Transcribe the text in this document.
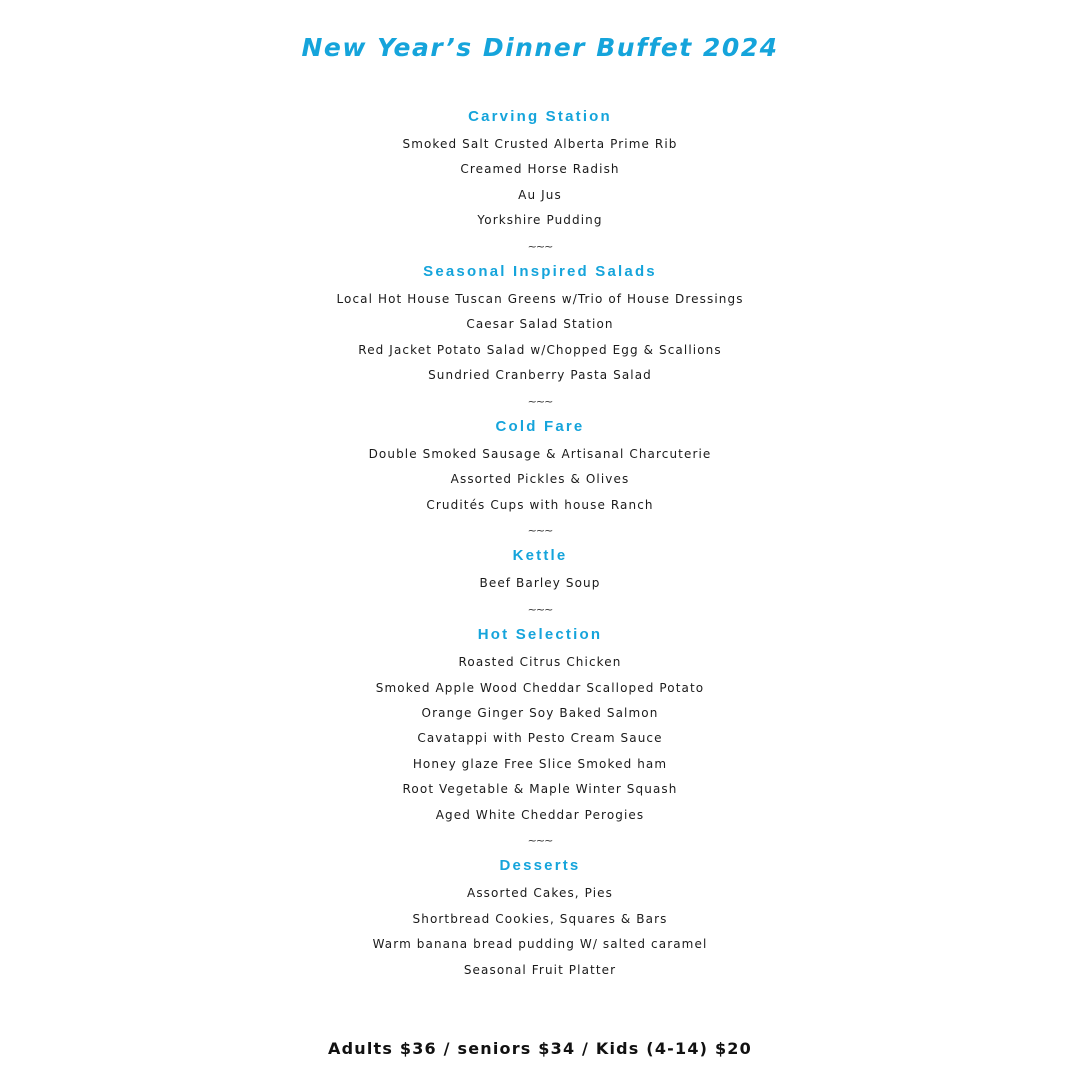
New Year’s Dinner Buffet 2024
Carving Station
Smoked Salt Crusted Alberta Prime Rib
Creamed Horse Radish
Au Jus
Yorkshire Pudding
~~~
Seasonal Inspired Salads
Local Hot House Tuscan Greens w/Trio of House Dressings
Caesar Salad Station
Red Jacket Potato Salad w/Chopped Egg & Scallions
Sundried Cranberry Pasta Salad
~~~
Cold Fare
Double Smoked Sausage & Artisanal Charcuterie
Assorted Pickles & Olives
Crudités Cups with house Ranch
~~~
Kettle
Beef Barley Soup
~~~
Hot Selection
Roasted Citrus Chicken
Smoked Apple Wood Cheddar Scalloped Potato
Orange Ginger Soy Baked Salmon
Cavatappi with Pesto Cream Sauce
Honey glaze Free Slice Smoked ham
Root Vegetable & Maple Winter Squash
Aged White Cheddar Perogies
~~~
Desserts
Assorted Cakes, Pies
Shortbread Cookies, Squares & Bars
Warm banana bread pudding W/ salted caramel
Seasonal Fruit Platter
Adults $36 / seniors $34 / Kids (4-14) $20
